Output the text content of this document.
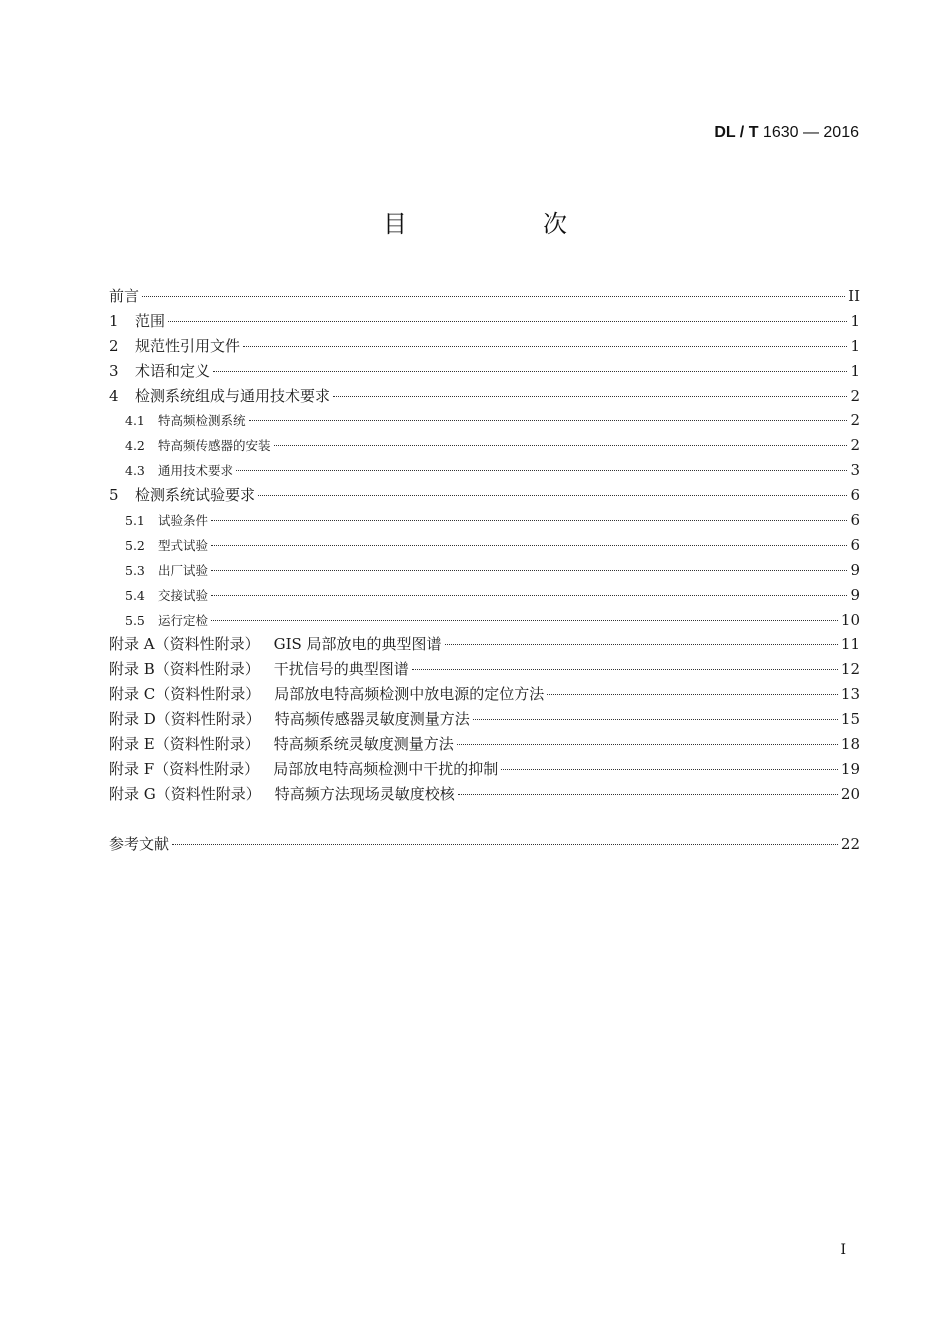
DL / T 1630 — 2016
目　次
前言	II
1	范围	1
2	规范性引用文件	1
3	术语和定义	1
4	检测系统组成与通用技术要求	2
4.1	特高频检测系统	2
4.2	特高频传感器的安装	2
4.3	通用技术要求	3
5	检测系统试验要求	6
5.1	试验条件	6
5.2	型式试验	6
5.3	出厂试验	9
5.4	交接试验	9
5.5	运行定检	10
附录 A（资料性附录） GIS 局部放电的典型图谱	11
附录 B（资料性附录） 干扰信号的典型图谱	12
附录 C（资料性附录） 局部放电特高频检测中放电源的定位方法	13
附录 D（资料性附录） 特高频传感器灵敏度测量方法	15
附录 E（资料性附录） 特高频系统灵敏度测量方法	18
附录 F（资料性附录） 局部放电特高频检测中干扰的抑制	19
附录 G（资料性附录） 特高频方法现场灵敏度校核	20
参考文献	22
I
